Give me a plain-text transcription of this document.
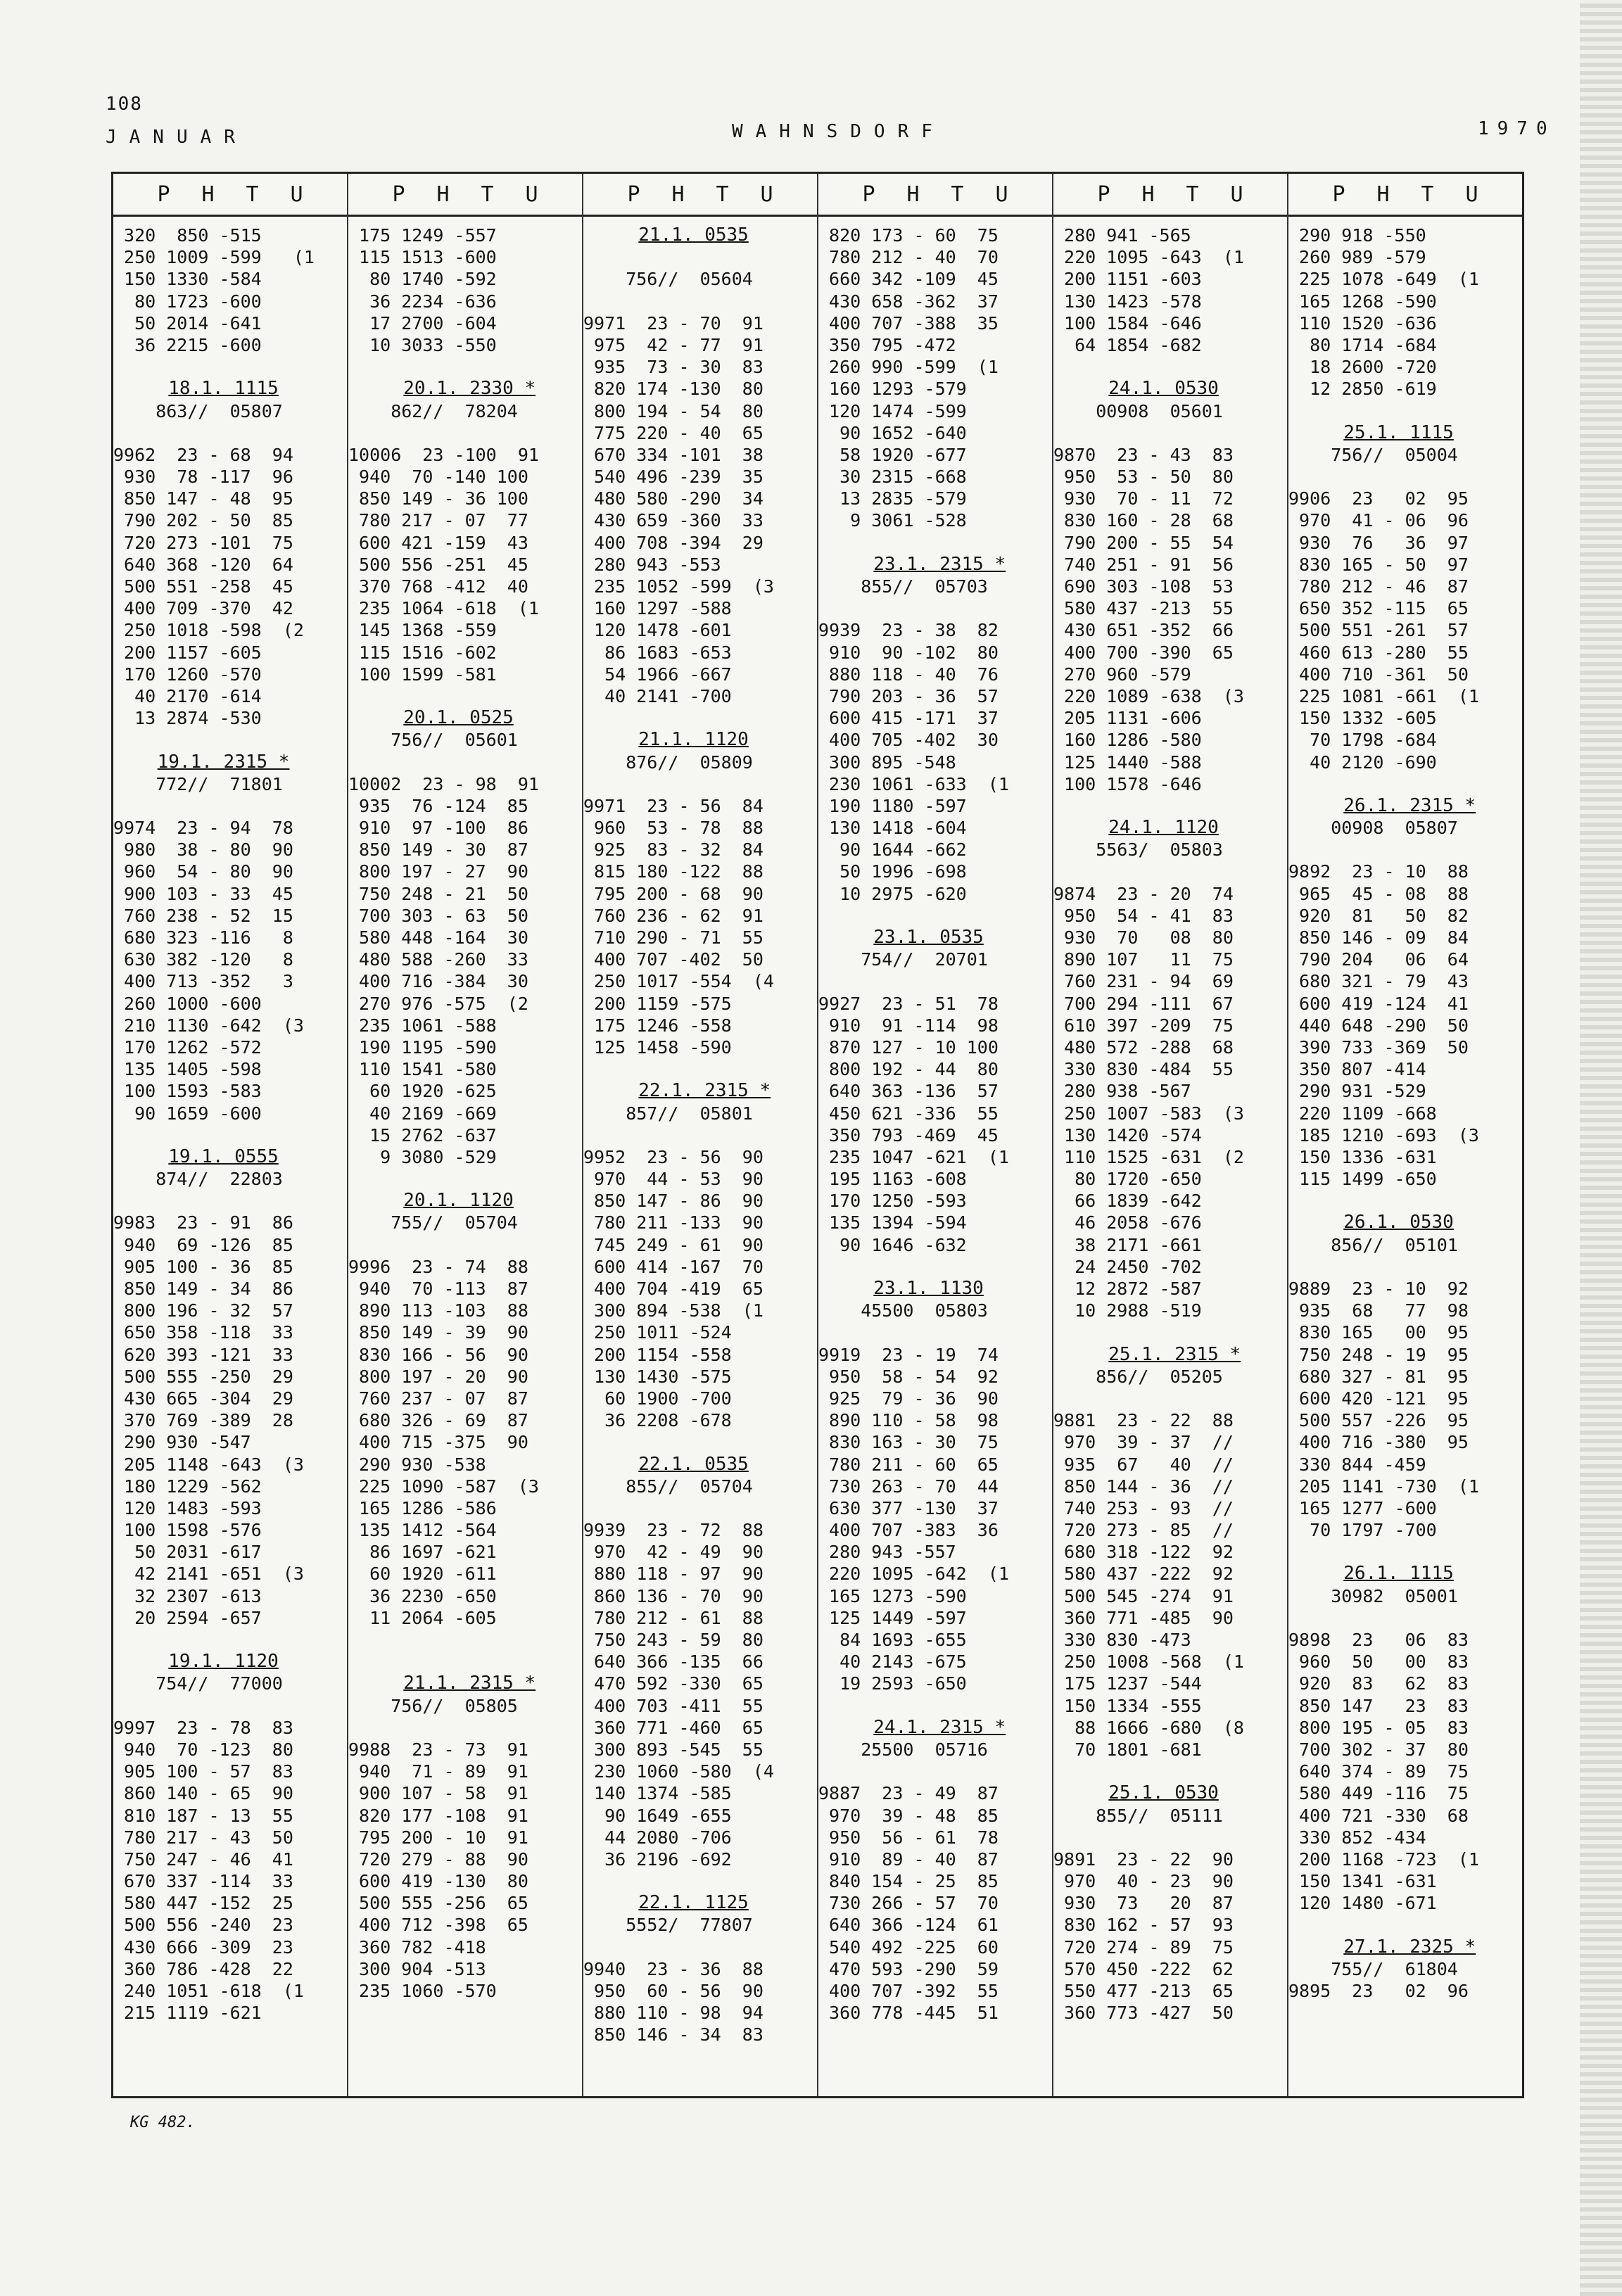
108
JANUAR	WAHNSDORF	1970
P H T U	P H T U	P H T U	P H T U	P H T U	P H T U
320  850 -515
250 1009 -599   (1
150 1330 -584
80 1723 -600
50 2014 -641
36 2215 -600
18.1. 1115
863//  05807
9962  23 - 68  94
930  78 -117  96
850 147 - 48  95
790 202 - 50  85
720 273 -101  75
640 368 -120  64
500 551 -258  45
400 709 -370  42
250 1018 -598  (2
200 1157 -605
170 1260 -570
40 2170 -614
13 2874 -530
19.1. 2315 *
772//  71801
9974  23 - 94  78
980  38 - 80  90
960  54 - 80  90
900 103 - 33  45
760 238 - 52  15
680 323 -116   8
630 382 -120   8
400 713 -352   3
260 1000 -600
210 1130 -642  (3
170 1262 -572
135 1405 -598
100 1593 -583
90 1659 -600
19.1. 0555
874//  22803
9983  23 - 91  86
940  69 -126  85
905 100 - 36  85
850 149 - 34  86
800 196 - 32  57
650 358 -118  33
620 393 -121  33
500 555 -250  29
430 665 -304  29
370 769 -389  28
290 930 -547
205 1148 -643  (3
180 1229 -562
120 1483 -593
100 1598 -576
50 2031 -617
42 2141 -651  (3
32 2307 -613
20 2594 -657
19.1. 1120
754//  77000
9997  23 - 78  83
940  70 -123  80
905 100 - 57  83
860 140 - 65  90
810 187 - 13  55
780 217 - 43  50
750 247 - 46  41
670 337 -114  33
580 447 -152  25
500 556 -240  23
430 666 -309  23
360 786 -428  22
240 1051 -618  (1
215 1119 -621
175 1249 -557
115 1513 -600
80 1740 -592
36 2234 -636
17 2700 -604
10 3033 -550
20.1. 2330 *
862//  78204
10006  23 -100  91
940  70 -140 100
850 149 - 36 100
780 217 - 07  77
600 421 -159  43
500 556 -251  45
370 768 -412  40
235 1064 -618  (1
145 1368 -559
115 1516 -602
100 1599 -581
20.1. 0525
756//  05601
10002  23 - 98  91
935  76 -124  85
910  97 -100  86
850 149 - 30  87
800 197 - 27  90
750 248 - 21  50
700 303 - 63  50
580 448 -164  30
480 588 -260  33
400 716 -384  30
270 976 -575  (2
235 1061 -588
190 1195 -590
110 1541 -580
60 1920 -625
40 2169 -669
15 2762 -637
9 3080 -529
20.1. 1120
755//  05704
9996  23 - 74  88
940  70 -113  87
890 113 -103  88
850 149 - 39  90
830 166 - 56  90
800 197 - 20  90
760 237 - 07  87
680 326 - 69  87
400 715 -375  90
290 930 -538
225 1090 -587  (3
165 1286 -586
135 1412 -564
86 1697 -621
60 1920 -611
36 2230 -650
11 2064 -605
21.1. 2315 *
756//  05805
9988  23 - 73  91
940  71 - 89  91
900 107 - 58  91
820 177 -108  91
795 200 - 10  91
720 279 - 88  90
600 419 -130  80
500 555 -256  65
400 712 -398  65
360 782 -418
300 904 -513
235 1060 -570
21.1. 0535
756//  05604
9971  23 - 70  91
975  42 - 77  91
935  73 - 30  83
820 174 -130  80
800 194 - 54  80
775 220 - 40  65
670 334 -101  38
540 496 -239  35
480 580 -290  34
430 659 -360  33
400 708 -394  29
280 943 -553
235 1052 -599  (3
160 1297 -588
120 1478 -601
86 1683 -653
54 1966 -667
40 2141 -700
21.1. 1120
876//  05809
9971  23 - 56  84
960  53 - 78  88
925  83 - 32  84
815 180 -122  88
795 200 - 68  90
760 236 - 62  91
710 290 - 71  55
400 707 -402  50
250 1017 -554  (4
200 1159 -575
175 1246 -558
125 1458 -590
22.1. 2315 *
857//  05801
9952  23 - 56  90
970  44 - 53  90
850 147 - 86  90
780 211 -133  90
745 249 - 61  90
600 414 -167  70
400 704 -419  65
300 894 -538  (1
250 1011 -524
200 1154 -558
130 1430 -575
60 1900 -700
36 2208 -678
22.1. 0535
855//  05704
9939  23 - 72  88
970  42 - 49  90
880 118 - 97  90
860 136 - 70  90
780 212 - 61  88
750 243 - 59  80
640 366 -135  66
470 592 -330  65
400 703 -411  55
360 771 -460  65
300 893 -545  55
230 1060 -580  (4
140 1374 -585
90 1649 -655
44 2080 -706
36 2196 -692
22.1. 1125
5552/  77807
9940  23 - 36  88
950  60 - 56  90
880 110 - 98  94
850 146 - 34  83
820 173 - 60  75
780 212 - 40  70
660 342 -109  45
430 658 -362  37
400 707 -388  35
350 795 -472
260 990 -599  (1
160 1293 -579
120 1474 -599
90 1652 -640
58 1920 -677
30 2315 -668
13 2835 -579
9 3061 -528
23.1. 2315 *
855//  05703
9939  23 - 38  82
910  90 -102  80
880 118 - 40  76
790 203 - 36  57
600 415 -171  37
400 705 -402  30
300 895 -548
230 1061 -633  (1
190 1180 -597
130 1418 -604
90 1644 -662
50 1996 -698
10 2975 -620
23.1. 0535
754//  20701
9927  23 - 51  78
910  91 -114  98
870 127 - 10 100
800 192 - 44  80
640 363 -136  57
450 621 -336  55
350 793 -469  45
235 1047 -621  (1
195 1163 -608
170 1250 -593
135 1394 -594
90 1646 -632
23.1. 1130
45500  05803
9919  23 - 19  74
950  58 - 54  92
925  79 - 36  90
890 110 - 58  98
830 163 - 30  75
780 211 - 60  65
730 263 - 70  44
630 377 -130  37
400 707 -383  36
280 943 -557
220 1095 -642  (1
165 1273 -590
125 1449 -597
84 1693 -655
40 2143 -675
19 2593 -650
24.1. 2315 *
25500  05716
9887  23 - 49  87
970  39 - 48  85
950  56 - 61  78
910  89 - 40  87
840 154 - 25  85
730 266 - 57  70
640 366 -124  61
540 492 -225  60
470 593 -290  59
400 707 -392  55
360 778 -445  51
280 941 -565
220 1095 -643  (1
200 1151 -603
130 1423 -578
100 1584 -646
64 1854 -682
24.1. 0530
00908  05601
9870  23 - 43  83
950  53 - 50  80
930  70 - 11  72
830 160 - 28  68
790 200 - 55  54
740 251 - 91  56
690 303 -108  53
580 437 -213  55
430 651 -352  66
400 700 -390  65
270 960 -579
220 1089 -638  (3
205 1131 -606
160 1286 -580
125 1440 -588
100 1578 -646
24.1. 1120
5563/  05803
9874  23 - 20  74
950  54 - 41  83
930  70   08  80
890 107   11  75
760 231 - 94  69
700 294 -111  67
610 397 -209  75
480 572 -288  68
330 830 -484  55
280 938 -567
250 1007 -583  (3
130 1420 -574
110 1525 -631  (2
80 1720 -650
66 1839 -642
46 2058 -676
38 2171 -661
24 2450 -702
12 2872 -587
10 2988 -519
25.1. 2315 *
856//  05205
9881  23 - 22  88
970  39 - 37  //
935  67   40  //
850 144 - 36  //
740 253 - 93  //
720 273 - 85  //
680 318 -122  92
580 437 -222  92
500 545 -274  91
360 771 -485  90
330 830 -473
250 1008 -568  (1
175 1237 -544
150 1334 -555
88 1666 -680  (8
70 1801 -681
25.1. 0530
855//  05111
9891  23 - 22  90
970  40 - 23  90
930  73   20  87
830 162 - 57  93
720 274 - 89  75
570 450 -222  62
550 477 -213  65
360 773 -427  50
290 918 -550
260 989 -579
225 1078 -649  (1
165 1268 -590
110 1520 -636
80 1714 -684
18 2600 -720
12 2850 -619
25.1. 1115
756//  05004
9906  23   02  95
970  41 - 06  96
930  76   36  97
830 165 - 50  97
780 212 - 46  87
650 352 -115  65
500 551 -261  57
460 613 -280  55
400 710 -361  50
225 1081 -661  (1
150 1332 -605
70 1798 -684
40 2120 -690
26.1. 2315 *
00908  05807
9892  23 - 10  88
965  45 - 08  88
920  81   50  82
850 146 - 09  84
790 204   06  64
680 321 - 79  43
600 419 -124  41
440 648 -290  50
390 733 -369  50
350 807 -414
290 931 -529
220 1109 -668
185 1210 -693  (3
150 1336 -631
115 1499 -650
26.1. 0530
856//  05101
9889  23 - 10  92
935  68   77  98
830 165   00  95
750 248 - 19  95
680 327 - 81  95
600 420 -121  95
500 557 -226  95
400 716 -380  95
330 844 -459
205 1141 -730  (1
165 1277 -600
70 1797 -700
26.1. 1115
30982  05001
9898  23   06  83
960  50   00  83
920  83   62  83
850 147   23  83
800 195 - 05  83
700 302 - 37  80
640 374 - 89  75
580 449 -116  75
400 721 -330  68
330 852 -434
200 1168 -723  (1
150 1341 -631
120 1480 -671
27.1. 2325 *
755//  61804
9895  23   02  96
KG 482.
